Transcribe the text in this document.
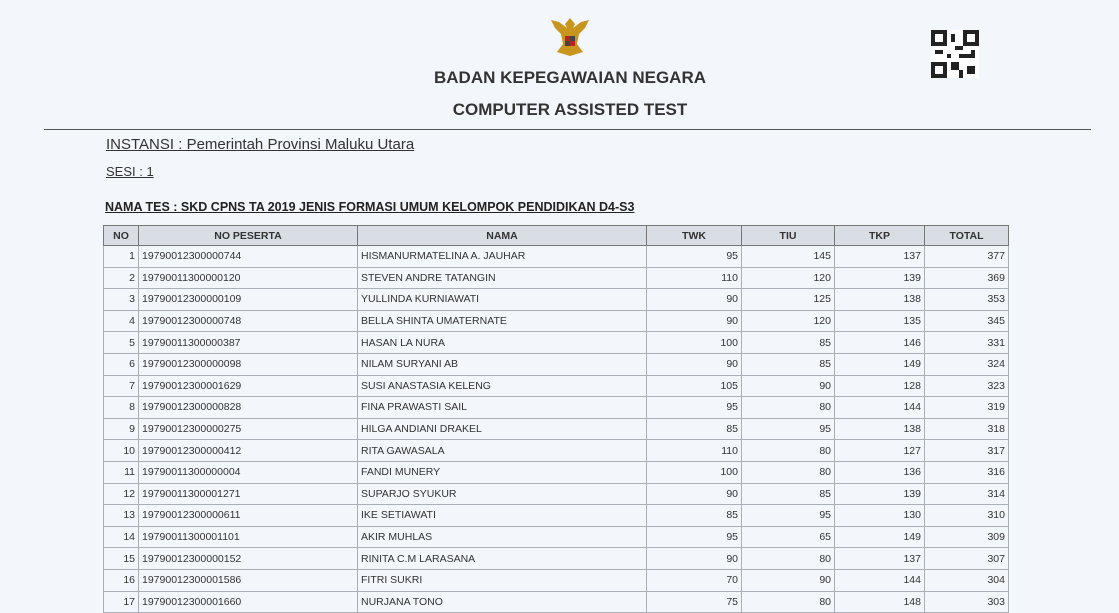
BADAN KEPEGAWAIAN NEGARA
COMPUTER ASSISTED TEST
INSTANSI : Pemerintah Provinsi Maluku Utara
SESI : 1
NAMA TES : SKD CPNS TA 2019 JENIS FORMASI UMUM KELOMPOK PENDIDIKAN D4-S3
NO	NO PESERTA	NAMA	TWK	TIU	TKP	TOTAL
1	19790012300000744	HISMANURMATELINA A. JAUHAR	95	145	137	377
2	19790011300000120	STEVEN ANDRE TATANGIN	110	120	139	369
3	19790012300000109	YULLINDA KURNIAWATI	90	125	138	353
4	19790012300000748	BELLA SHINTA UMATERNATE	90	120	135	345
5	19790011300000387	HASAN LA NURA	100	85	146	331
6	19790012300000098	NILAM SURYANI AB	90	85	149	324
7	19790012300001629	SUSI ANASTASIA KELENG	105	90	128	323
8	19790012300000828	FINA PRAWASTI SAIL	95	80	144	319
9	19790012300000275	HILGA ANDIANI DRAKEL	85	95	138	318
10	19790012300000412	RITA GAWASALA	110	80	127	317
11	19790011300000004	FANDI MUNERY	100	80	136	316
12	19790011300001271	SUPARJO SYUKUR	90	85	139	314
13	19790012300000611	IKE SETIAWATI	85	95	130	310
14	19790011300001101	AKIR MUHLAS	95	65	149	309
15	19790012300000152	RINITA C.M LARASANA	90	80	137	307
16	19790012300001586	FITRI SUKRI	70	90	144	304
17	19790012300001660	NURJANA TONO	75	80	148	303
